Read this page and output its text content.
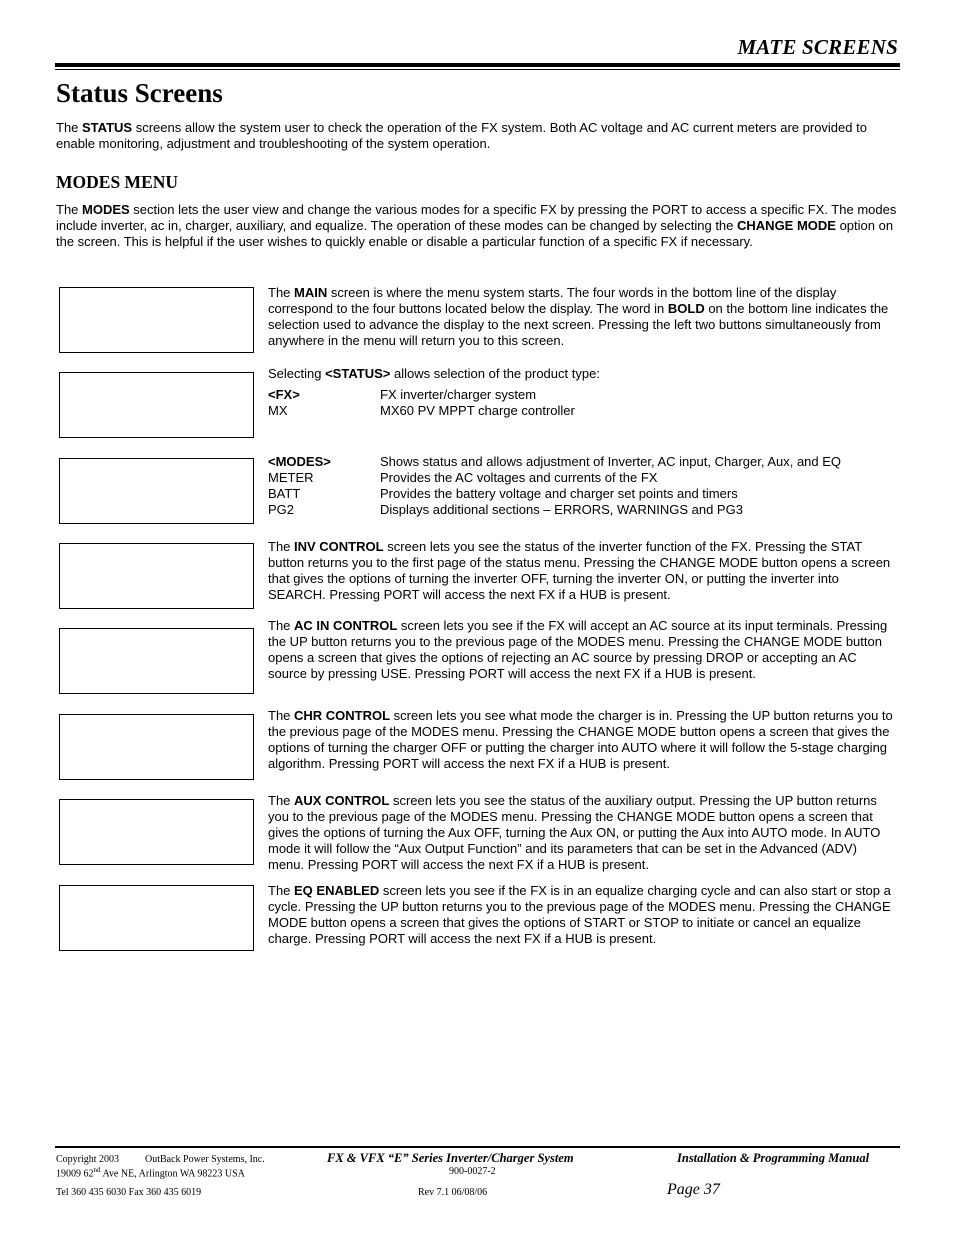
MATE SCREENS
Status Screens

The STATUS screens allow the system user to check the operation of the FX system. Both AC voltage and AC current meters are provided to enable monitoring, adjustment and troubleshooting of the system operation.

MODES MENU

The MODES section lets the user view and change the various modes for a specific FX by pressing the PORT to access a specific FX. The modes include inverter, ac in, charger, auxiliary, and equalize. The operation of these modes can be changed by selecting the CHANGE MODE option on the screen. This is helpful if the user wishes to quickly enable or disable a particular function of a specific FX if necessary.

The MAIN screen is where the menu system starts. The four words in the bottom line of the display correspond to the four buttons located below the display. The word in BOLD on the bottom line indicates the selection used to advance the display to the next screen. Pressing the left two buttons simultaneously from anywhere in the menu will return you to this screen.

Selecting <STATUS> allows selection of the product type:

<FX>	FX inverter/charger system
MX	MX60 PV MPPT charge controller
<MODES>	Shows status and allows adjustment of Inverter, AC input, Charger, Aux, and EQ
METER	Provides the AC voltages and currents of the FX
BATT	Provides the battery voltage and charger set points and timers
PG2	Displays additional sections – ERRORS, WARNINGS and PG3

The INV CONTROL screen lets you see the status of the inverter function of the FX. Pressing the STAT button returns you to the first page of the status menu. Pressing the CHANGE MODE button opens a screen that gives the options of turning the inverter OFF, turning the inverter ON, or putting the inverter into SEARCH. Pressing PORT will access the next FX if a HUB is present.

The AC IN CONTROL screen lets you see if the FX will accept an AC source at its input terminals. Pressing the UP button returns you to the previous page of the MODES menu. Pressing the CHANGE MODE button opens a screen that gives the options of rejecting an AC source by pressing DROP or accepting an AC source by pressing USE. Pressing PORT will access the next FX if a HUB is present.

The CHR CONTROL screen lets you see what mode the charger is in. Pressing the UP button returns you to the previous page of the MODES menu. Pressing the CHANGE MODE button opens a screen that gives the options of turning the charger OFF or putting the charger into AUTO where it will follow the 5-stage charging algorithm. Pressing PORT will access the next FX if a HUB is present.

The AUX CONTROL screen lets you see the status of the auxiliary output. Pressing the UP button returns you to the previous page of the MODES menu. Pressing the CHANGE MODE button opens a screen that gives the options of turning the Aux OFF, turning the Aux ON, or putting the Aux into AUTO mode. In AUTO mode it will follow the “Aux Output Function” and its parameters that can be set in the Advanced (ADV) menu. Pressing PORT will access the next FX if a HUB is present.

The EQ ENABLED screen lets you see if the FX is in an equalize charging cycle and can also start or stop a cycle. Pressing the UP button returns you to the previous page of the MODES menu. Pressing the CHANGE MODE button opens a screen that gives the options of START or STOP to initiate or cancel an equalize charge. Pressing PORT will access the next FX if a HUB is present.

Copyright 2003	OutBack Power Systems, Inc.
19009 62nd Ave NE, Arlington WA 98223 USA
Tel 360 435 6030 Fax 360 435 6019
FX & VFX “E” Series Inverter/Charger System
900-0027-2
Rev 7.1 06/08/06
Installation & Programming Manual
Page 37
